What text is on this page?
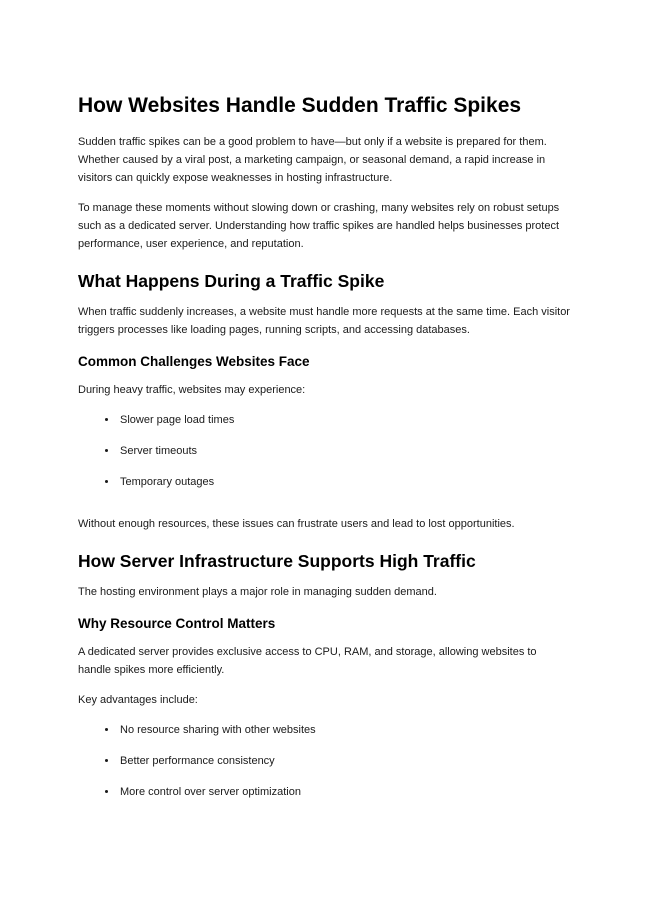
How Websites Handle Sudden Traffic Spikes

Sudden traffic spikes can be a good problem to have—but only if a website is prepared for them. Whether caused by a viral post, a marketing campaign, or seasonal demand, a rapid increase in visitors can quickly expose weaknesses in hosting infrastructure.

To manage these moments without slowing down or crashing, many websites rely on robust setups such as a dedicated server. Understanding how traffic spikes are handled helps businesses protect performance, user experience, and reputation.

What Happens During a Traffic Spike

When traffic suddenly increases, a website must handle more requests at the same time. Each visitor triggers processes like loading pages, running scripts, and accessing databases.

Common Challenges Websites Face

During heavy traffic, websites may experience:

• Slower page load times
• Server timeouts
• Temporary outages

Without enough resources, these issues can frustrate users and lead to lost opportunities.

How Server Infrastructure Supports High Traffic

The hosting environment plays a major role in managing sudden demand.

Why Resource Control Matters

A dedicated server provides exclusive access to CPU, RAM, and storage, allowing websites to handle spikes more efficiently.

Key advantages include:

• No resource sharing with other websites
• Better performance consistency
• More control over server optimization
